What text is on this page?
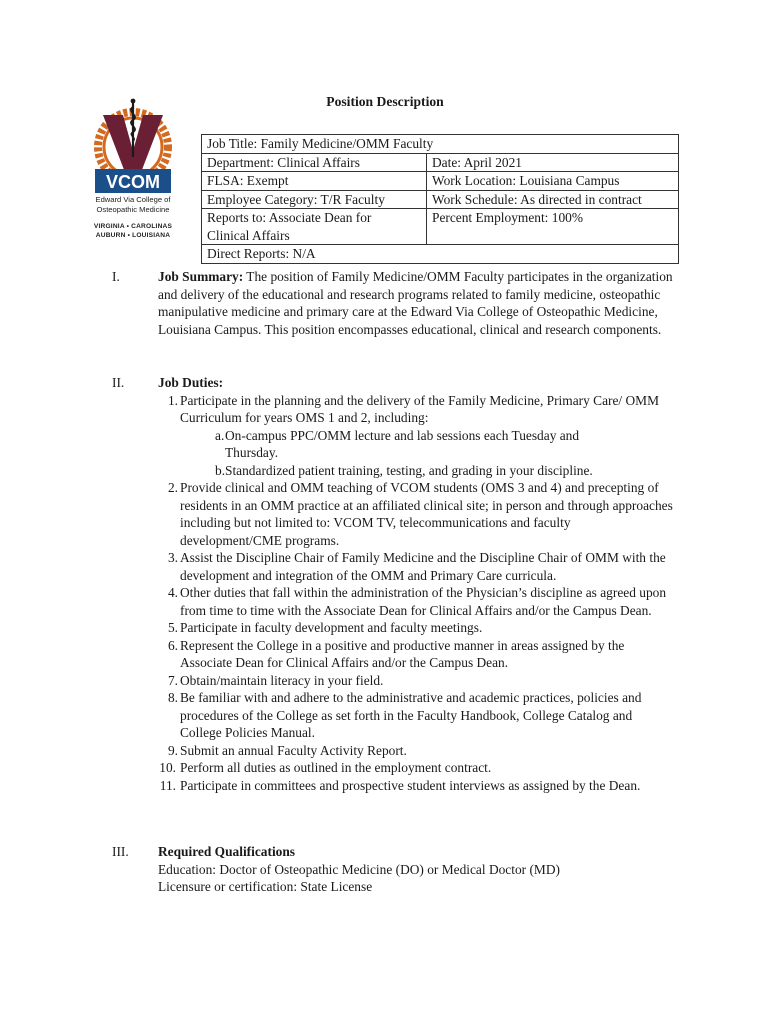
Position Description
VCOM
Edward Via College of
Osteopathic Medicine
VIRGINIA • CAROLINAS
AUBURN • LOUISIANA
Job Title: Family Medicine/OMM Faculty	
Department: Clinical Affairs	Date: April 2021
FLSA: Exempt	Work Location: Louisiana Campus
Employee Category: T/R Faculty	Work Schedule: As directed in contract
Reports to: Associate Dean for
Clinical Affairs	Percent Employment: 100%
Direct Reports: N/A	
I.	Job Summary: The position of Family Medicine/OMM Faculty participates in the organization and delivery of the educational and research programs related to family medicine, osteopathic manipulative medicine and primary care at the Edward Via College of Osteopathic Medicine, Louisiana Campus. This position encompasses educational, clinical and research components.

II.	Job Duties:

1. Participate in the planning and the delivery of the Family Medicine, Primary Care/ OMM Curriculum for years OMS 1 and 2, including:
a. On-campus PPC/OMM lecture and lab sessions each Tuesday and Thursday.
b. Standardized patient training, testing, and grading in your discipline.
2. Provide clinical and OMM teaching of VCOM students (OMS 3 and 4) and precepting of residents in an OMM practice at an affiliated clinical site; in person and through approaches including but not limited to: VCOM TV, telecommunications and faculty development/CME programs.
3. Assist the Discipline Chair of Family Medicine and the Discipline Chair of OMM with the development and integration of the OMM and Primary Care curricula.
4. Other duties that fall within the administration of the Physician’s discipline as agreed upon from time to time with the Associate Dean for Clinical Affairs and/or the Campus Dean.
5. Participate in faculty development and faculty meetings.
6. Represent the College in a positive and productive manner in areas assigned by the Associate Dean for Clinical Affairs and/or the Campus Dean.
7. Obtain/maintain literacy in your field.
8. Be familiar with and adhere to the administrative and academic practices, policies and procedures of the College as set forth in the Faculty Handbook, College Catalog and College Policies Manual.
9. Submit an annual Faculty Activity Report.
10. Perform all duties as outlined in the employment contract.
11. Participate in committees and prospective student interviews as assigned by the Dean.
III. Required Qualifications

Education: Doctor of Osteopathic Medicine (DO) or Medical Doctor (MD)

Licensure or certification: State License
